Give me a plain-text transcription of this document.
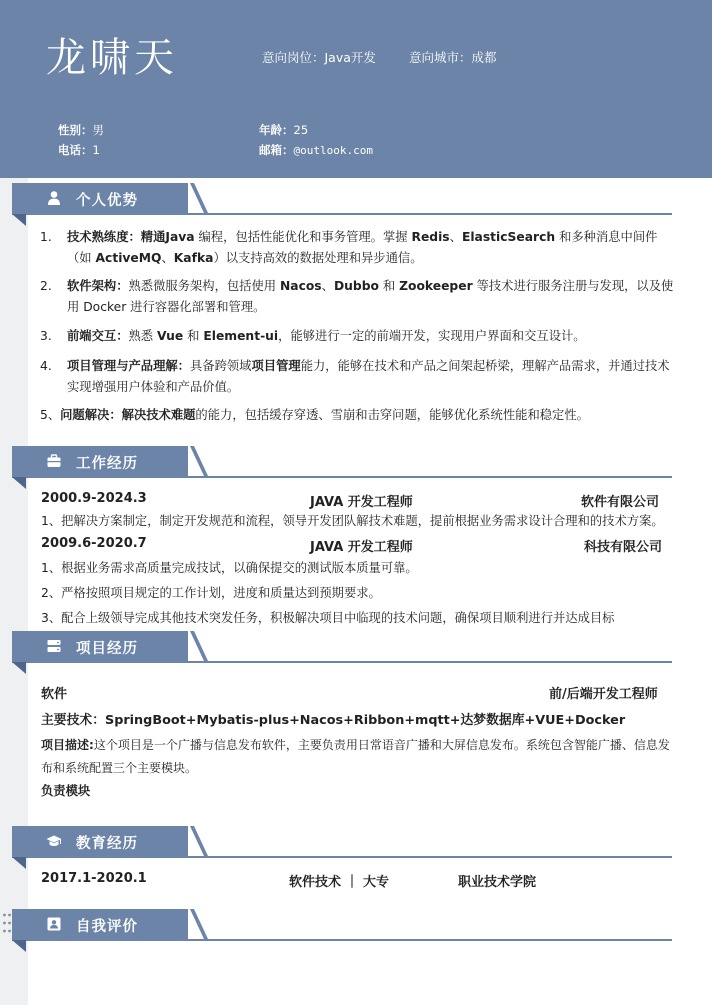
龙啸天	意向岗位：Java开发	意向城市：成都
性别：男	年龄：25
电话：1	邮箱：@outlook.com
个人优势
1. 技术熟练度：精通Java 编程，包括性能优化和事务管理。掌握 Redis、ElasticSearch 和多种消息中间件（如 ActiveMQ、Kafka）以支持高效的数据处理和异步通信。
2. 软件架构：熟悉微服务架构，包括使用 Nacos、Dubbo 和 Zookeeper 等技术进行服务注册与发现，以及使用 Docker 进行容器化部署和管理。
3. 前端交互：熟悉 Vue 和 Element-ui，能够进行一定的前端开发，实现用户界面和交互设计。
4. 项目管理与产品理解：具备跨领域项目管理能力，能够在技术和产品之间架起桥梁，理解产品需求，并通过技术实现增强用户体验和产品价值。
5、问题解决：解决技术难题的能力，包括缓存穿透、雪崩和击穿问题，能够优化系统性能和稳定性。
工作经历
2000.9-2024.3	JAVA 开发工程师	软件有限公司
1、把解决方案制定，制定开发规范和流程，领导开发团队解技术难题，提前根据业务需求设计合理和的技术方案。
2009.6-2020.7	JAVA 开发工程师	科技有限公司
1、根据业务需求高质量完成技试，以确保提交的测试版本质量可靠。
2、严格按照项目规定的工作计划，进度和质量达到预期要求。
3、配合上级领导完成其他技术突发任务，积极解决项目中临现的技术问题，确保项目顺利进行并达成目标
项目经历
软件	前/后端开发工程师
主要技术：SpringBoot+Mybatis-plus+Nacos+Ribbon+mqtt+达梦数据库+VUE+Docker
项目描述:这个项目是一个广播与信息发布软件，主要负责用日常语音广播和大屏信息发布。系统包含智能广播、信息发布和系统配置三个主要模块。
负责模块
教育经历
2017.1-2020.1	软件技术 ｜ 大专	职业技术学院
自我评价
